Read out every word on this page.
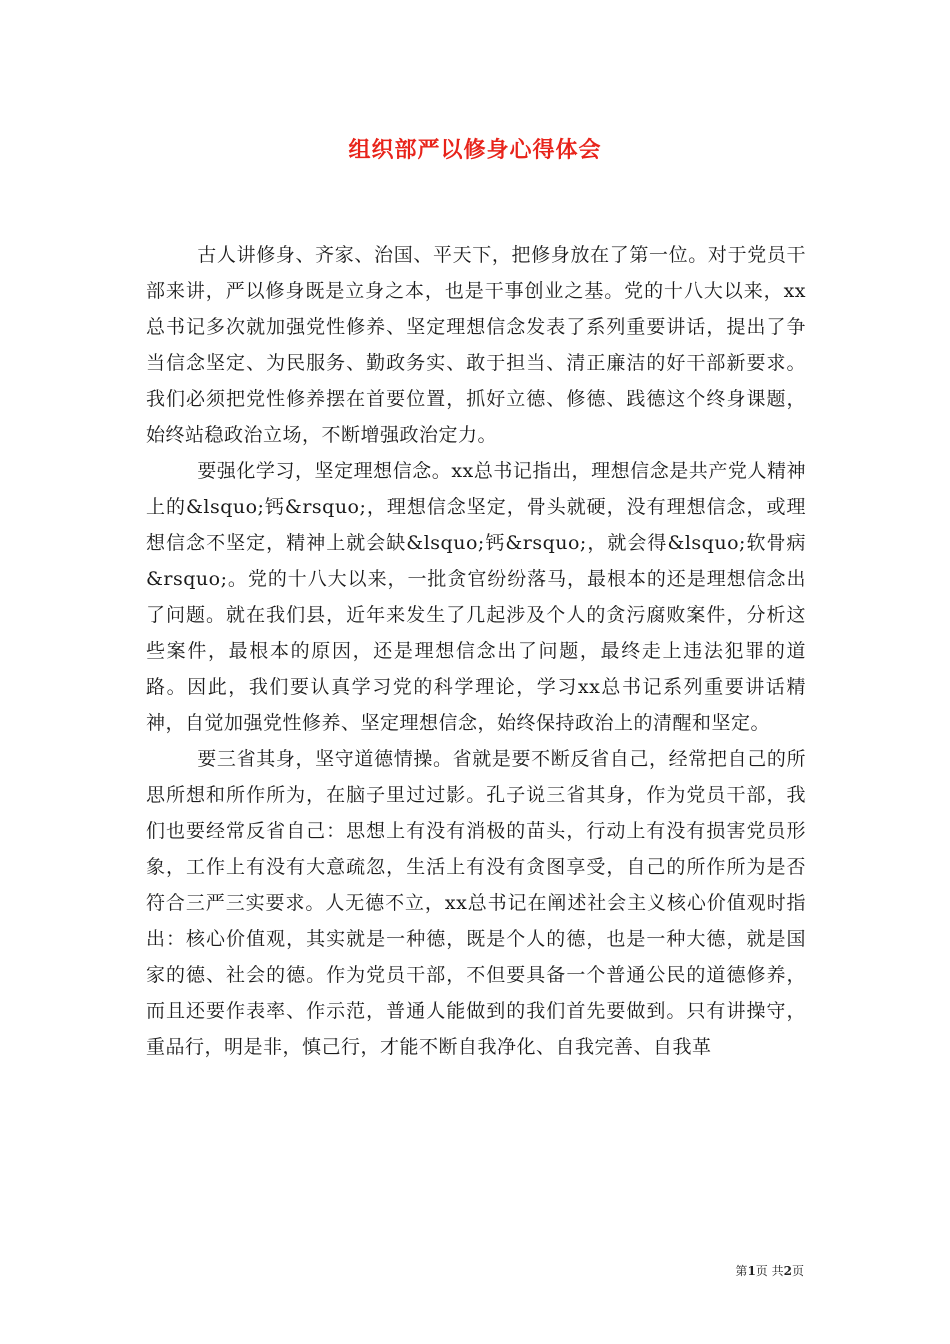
组织部严以修身心得体会

古人讲修身、齐家、治国、平天下，把修身放在了第一位。对于党员干部来讲，严以修身既是立身之本，也是干事创业之基。党的十八大以来，xx总书记多次就加强党性修养、坚定理想信念发表了系列重要讲话，提出了争当信念坚定、为民服务、勤政务实、敢于担当、清正廉洁的好干部新要求。我们必须把党性修养摆在首要位置，抓好立德、修德、践德这个终身课题，始终站稳政治立场，不断增强政治定力。

要强化学习，坚定理想信念。xx总书记指出，理想信念是共产党人精神上的&lsquo;钙&rsquo;，理想信念坚定，骨头就硬，没有理想信念，或理想信念不坚定，精神上就会缺&lsquo;钙&rsquo;，就会得&lsquo;软骨病&rsquo;。党的十八大以来，一批贪官纷纷落马，最根本的还是理想信念出了问题。就在我们县，近年来发生了几起涉及个人的贪污腐败案件，分析这些案件，最根本的原因，还是理想信念出了问题，最终走上违法犯罪的道路。因此，我们要认真学习党的科学理论，学习xx总书记系列重要讲话精神，自觉加强党性修养、坚定理想信念，始终保持政治上的清醒和坚定。

要三省其身，坚守道德情操。省就是要不断反省自己，经常把自己的所思所想和所作所为，在脑子里过过影。孔子说三省其身，作为党员干部，我们也要经常反省自己：思想上有没有消极的苗头，行动上有没有损害党员形象，工作上有没有大意疏忽，生活上有没有贪图享受，自己的所作所为是否符合三严三实要求。人无德不立，xx总书记在阐述社会主义核心价值观时指出：核心价值观，其实就是一种德，既是个人的德，也是一种大德，就是国家的德、社会的德。作为党员干部，不但要具备一个普通公民的道德修养，而且还要作表率、作示范，普通人能做到的我们首先要做到。只有讲操守，重品行，明是非，慎己行，才能不断自我净化、自我完善、自我革

第1页 共2页
